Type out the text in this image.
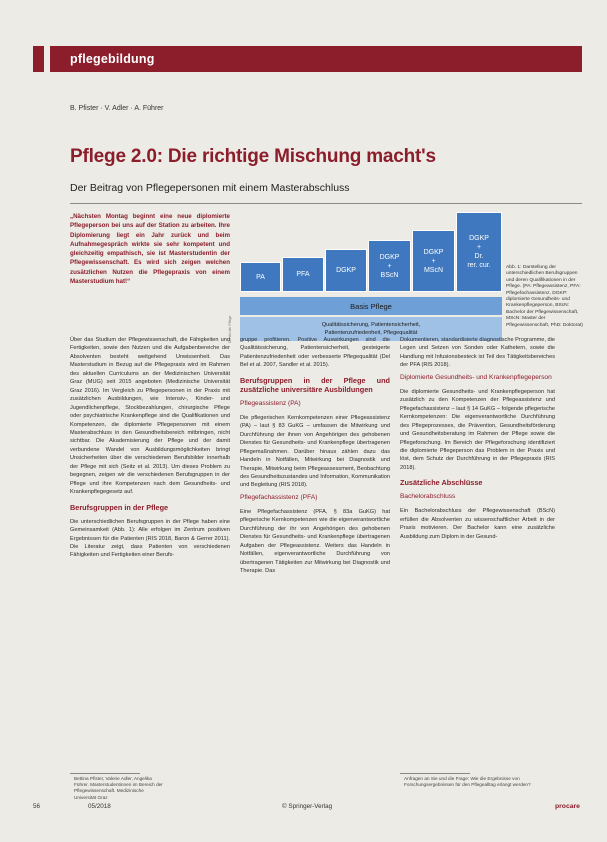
pflegebildung
B. Pfister · V. Adler · A. Führer
Pflege 2.0: Die richtige Mischung macht's
Der Beitrag von Pflegepersonen mit einem Masterabschluss
„Nächsten Montag beginnt eine neue diplomierte Pflegeperson bei uns auf der Station zu arbeiten. Ihre Diplomierung liegt ein Jahr zurück und beim Aufnahmegespräch wirkte sie sehr kompetent und gleichzeitig empathisch, sie ist Masterstudentin der Pflegewissenschaft. Es wird sich zeigen welchen zusätzlichen Nutzen die Pflegepraxis von einem Masterstudium hat!“
PA	PFA
DGKP
DGKP
+
BScN
DGKP
+
MScN
DGKP
+
Dr.
rer. cur.
Basis Pflege
Qualitätssicherung, Patientensicherheit,
Patientenzufriedenheit, Pflegequalität
Die Art der Pflege
Abb. 1: Darstellung der unterschiedlichen Berufsgruppen und deren Qualifikationen in der Pflege. (PA: Pflegeassistenz, PFA: Pflegefachassistenz, DGKP: diplomierte Gesundheits- und Krankenpflegeperson, BScN: Bachelor der Pflegewissenschaft, MScN: Master der Pflegewissenschaft, PhD: Doktorat)

Über das Studium der Pflegewissenschaft, die Fähigkeiten und Fertigkeiten, sowie den Nutzen und die Aufgabenbereiche der Absolventen besteht weitgehend Unwissenheit. Das Masterstudium in Bezug auf die Pflegepraxis wird im Rahmen des aktuellen Curriculums an der Medizinischen Universität Graz (MUG) seit 2015 angeboten (Medizinische Universität Graz 2016). Im Vergleich zu Pflegepersonen in der Praxis mit zusätzlichen Ausbildungen, wie Intensiv-, Kinder- und Jugendlichenpflege, Stockbezahlungen, chirurgische Pflege oder psychiatrische Krankenpflege sind die Qualifikationen und Kompetenzen, die diplomierte Pflegepersonen mit einem Masterabschluss in den Gesundheitsbereich mitbringen, nicht sichtbar. Die Akademisierung der Pflege und der damit verbundene Wandel von Ausbildungsmöglichkeiten bringt Unsicherheiten über die verschiedenen Berufsbilder innerhalb der Pflege mit sich (Seitz et al. 2013). Um dieses Problem zu begegnen, zeigen wir die verschiedenen Berufsgruppen in der Pflege und ihre Kompetenzen nach dem Gesundheits- und Krankenpflegegesetz auf.

Berufsgruppen in der Pflege

Die unterschiedlichen Berufsgruppen in der Pflege haben eine Gemeinsamkeit (Abb. 1): Alle erfolgen im Zentrum positiven Ergebnissen für die Patienten (RIS 2018, Baron & Gerrer 2011). Die Literatur zeigt, dass Patienten von verschiedenen Fähigkeiten und Fertigkeiten einer Berufs-

Bettina Pfister, Valerie Adler, Angelika Führer. Masterstudentinnen im Bereich der Pflegewissenschaft. Medizinische Universität Graz

gruppe profitieren. Positive Auswirkungen sind die Qualitätssicherung, Patientensicherheit, gesteigerte Patientenzufriedenheit oder verbesserte Pflegequalität (Del Bel et al. 2007, Sandler et al. 2015).

Berufsgruppen in der Pflege und zusätzliche universitäre Ausbildungen
Pflegeassistenz (PA)

Die pflegerischen Kernkompetenzen einer Pflegeassistenz (PA) – laut § 83 GuKG – umfassen die Mitwirkung und Durchführung der ihnen von Angehörigen des gehobenen Dienstes für Gesundheits- und Krankenpflege übertragenen Pflegemaßnahmen. Darüber hinaus zählen dazu das Handeln in Notfällen, Mitwirkung bei Diagnostik und Therapie, Mitwirkung beim Pflegeassessment, Beobachtung des Gesundheitszustandes und Information, Kommunikation und Begleitung (RIS 2018).

Pflegefachassistenz (PFA)

Eine Pflegefachassistenz (PFA, § 83a GuKG) hat pflegerische Kernkompetenzen wie die eigenverantwortliche Durchführung der ihr von Angehörigen des gehobenen Dienstes für Gesundheits- und Krankenpflege übertragenen Aufgaben der Pflegeassistenz. Weiters das Handeln in Notfällen, eigenverantwortliche Durchführung von übertragenen Tätigkeiten zur Mitwirkung bei Diagnostik und Therapie. Das

Dokumentieren, standardisierte diagnostische Programme, die Legen und Setzen von Sonden oder Kathetern, sowie die Handlung mit Infusionsbesteck ist Teil des Tätigkeitsbereiches der PFA (RIS 2018).

Diplomierte Gesundheits- und Krankenpflegeperson

Die diplomierte Gesundheits- und Krankenpflegeperson hat zusätzlich zu den Kompetenzen der Pflegeassistenz und Pflegefachassistenz – laut § 14 GuKG – folgende pflegerische Kernkompetenzen: Die eigenverantwortliche Durchführung des Pflegeprozesses, die Prävention, Gesundheitsförderung und Gesundheitsberatung im Rahmen der Pflege sowie die Pflegeforschung. Im Bereich der Pflegeforschung identifiziert die diplomierte Pflegeperson das Problem in der Praxis und löst, dem Schutz der Durchführung in der Pflegepraxis (RIS 2018).

Zusätzliche Abschlüsse
Bachelorabschluss

Ein Bachelorabschluss der Pflegewissenschaft (BScN) erfüllen die Absolventen zu wissenschaftlicher Arbeit in der Praxis motivieren. Der Bachelor kann eine zusätzliche Ausbildung zum Diplom in der Gesund-

Anfragen an Sie und die Frage: Wie die Ergebnisse von Forschungsergebnissen für den Pflegealltag erlangt werden?
56	05/2018	© Springer-Verlag	procare
